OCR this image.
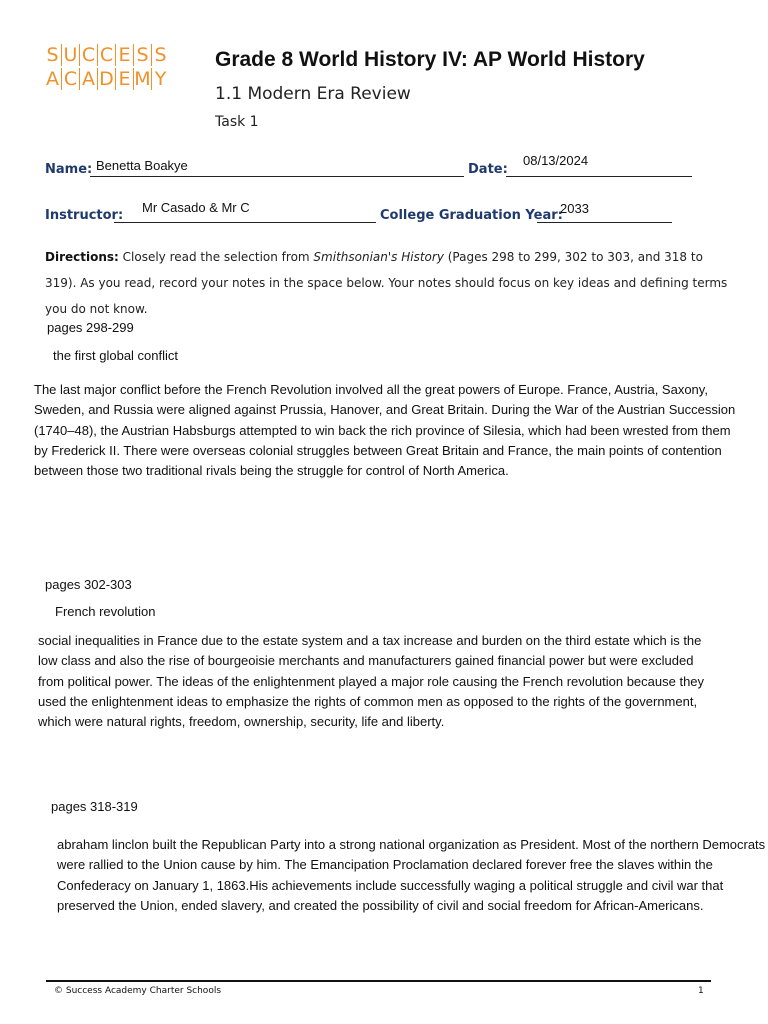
S U C C E S S
A C A D E M Y
Grade 8 World History IV: AP World History
1.1 Modern Era Review
Task 1
Name: Benetta Boakye	Date:
08/13/2024
Instructor:
Mr Casado & Mr C
College Graduation Year:
2033
Directions: Closely read the selection from Smithsonian's History (Pages 298 to 299, 302 to 303, and 318 to 319). As you read, record your notes in the space below. Your notes should focus on key ideas and defining terms you do not know.
pages 298-299
the first global conflict
The last major conflict before the French Revolution involved all the great powers of Europe. France, Austria, Saxony, Sweden, and Russia were aligned against Prussia, Hanover, and Great Britain. During the War of the Austrian Succession (1740–48), the Austrian Habsburgs attempted to win back the rich province of Silesia, which had been wrested from them by Frederick II. There were overseas colonial struggles between Great Britain and France, the main points of contention between those two traditional rivals being the struggle for control of North America.
pages 302-303
French revolution
social inequalities in France due to the estate system and a tax increase and burden on the third estate which is the low class and also the rise of bourgeoisie merchants and manufacturers gained financial power but were excluded from political power. The ideas of the enlightenment played a major role causing the French revolution because they used the enlightenment ideas to emphasize the rights of common men as opposed to the rights of the government, which were natural rights, freedom, ownership, security, life and liberty.
pages 318-319
abraham linclon built the Republican Party into a strong national organization as President. Most of the northern Democrats were rallied to the Union cause by him. The Emancipation Proclamation declared forever free the slaves within the Confederacy on January 1, 1863.His achievements include successfully waging a political struggle and civil war that preserved the Union, ended slavery, and created the possibility of civil and social freedom for African-Americans.
© Success Academy Charter Schools	1
